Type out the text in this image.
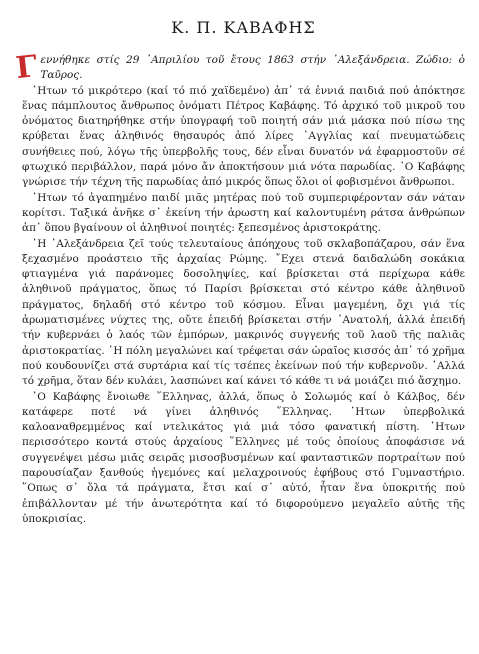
Κ. Π. ΚΑΒΑΦΗΣ

Γ εννήθηκε στίς 29 ᾽Απριλίου τοῦ ἔτους 1863 στήν ᾽Αλεξάνδρεια. Ζώδιο: ὁ Ταῦρος.

῾Ητων τό μικρότερο (καί τό πιό χαϊδεμένο) ἀπ᾽ τά ἐννιά παιδιά πού ἀπόκτησε ἕνας πάμπλουτος ἄνθρωπος ὀνόματι Πέτρος Καβάφης. Τό ἀρχικό τοῦ μικροῦ του ὀνόματος διατηρήθηκε στήν ὑπογραφή τοῦ ποιητή σάν μιά μάσκα πού πίσω της κρύβεται ἕνας ἀληθινός θησαυρός ἀπό λίρες ᾽Αγγλίας καί πνευματώδεις συνήθειες πού, λόγω τῆς ὑπερβολῆς τους, δέν εἶναι δυνατόν νά ἐφαρμοστοῦν σέ φτωχικό περιβάλλον, παρά μόνο ἄν ἀποκτήσουν μιά νότα παρωδίας. ᾽Ο Καβάφης γνώρισε τήν τέχνη τῆς παρωδίας ἀπό μικρός ὅπως ὅλοι οἱ φοβισμένοι ἄνθρωποι.

῾Ητων τό ἀγαπημένο παιδί μιᾶς μητέρας πού τοῦ συμπεριφέρονταν σάν νάταν κορίτσι. Ταξικά ἀνῆκε σ᾽ ἐκείνη τήν ἀρωστη καί καλοντυμένη ράτσα ἀνθρώπων ἀπ᾽ ὅπου βγαίνουν οἱ ἀληθινοί ποιητές: ξεπεσμένος ἀριστοκράτης.

῾Η ᾽Αλεξάνδρεια ζεῖ τούς τελευταίους ἀπόηχους τοῦ σκλαβοπάζαρου, σάν ἕνα ξεχασμένο προάστειο τῆς ἀρχαίας Ρώμης. ῎Εχει στενά δαιδαλώδη σοκάκια φτιαγμένα γιά παράνομες δοσοληψίες, καί βρίσκεται στά περίχωρα κάθε ἀληθινοῦ πράγματος, ὅπως τό Παρίσι βρίσκεται στό κέντρο κάθε ἀληθινοῦ πράγματος, δηλαδή στό κέντρο τοῦ κόσμου. Εἶναι μαγεμένη, ὄχι γιά τίς ἀρωματισμένες νύχτες της, οὔτε ἐπειδή βρίσκεται στήν ᾽Ανατολή, ἀλλά ἐπειδή τήν κυβερνάει ὁ λαός τῶν ἐμπόρων, μακρινός συγγενής τοῦ λαοῦ τῆς παλιᾶς ἀριστοκρατίας. ῾Η πόλη μεγαλώνει καί τρέφεται σάν ὡραῖος κισσός ἀπ᾽ τό χρῆμα πού κουδουνίζει στά συρτάρια καί τίς τσέπες ἐκείνων πού τήν κυβερνοῦν. ᾽Αλλά τό χρῆμα, ὅταν δέν κυλάει, λασπώνει καί κάνει τό κάθε τι νά μοιάζει πιό ἄσχημο.

᾽Ο Καβάφης ἔνοιωθε ῞Ελληνας, ἀλλά, ὅπως ὁ Σολωμός καί ὁ Κάλβος, δέν κατάφερε ποτέ νά γίνει ἀληθινός ῞Ελληνας. ῾Ητων ὑπερβολικά καλοαναθρεμμένος καί ντελικάτος γιά μιά τόσο φανατική πίστη. ῾Ητων περισσότερο κοντά στούς ἀρχαίους ῞Ελληνες μέ τούς ὁποίους ἀποφάσισε νά συγγενέψει μέσω μιᾶς σειρᾶς μισοσβυσμένων καί φανταστικῶν πορτραίτων πού παρουσίαζαν ξανθούς ἡγεμόνες καί μελαχροινούς ἐφήβους στό Γυμναστήριο. ῞Οπως σ᾽ ὅλα τά πράγματα, ἔτσι καί σ᾽ αὐτό, ἦταν ἕνα ὑποκριτής πού ἐπιβάλλονταν μέ τήν ἀνωτερότητα καί τό διφορούμενο μεγαλεῖο αὐτῆς τῆς ὑποκρισίας.
